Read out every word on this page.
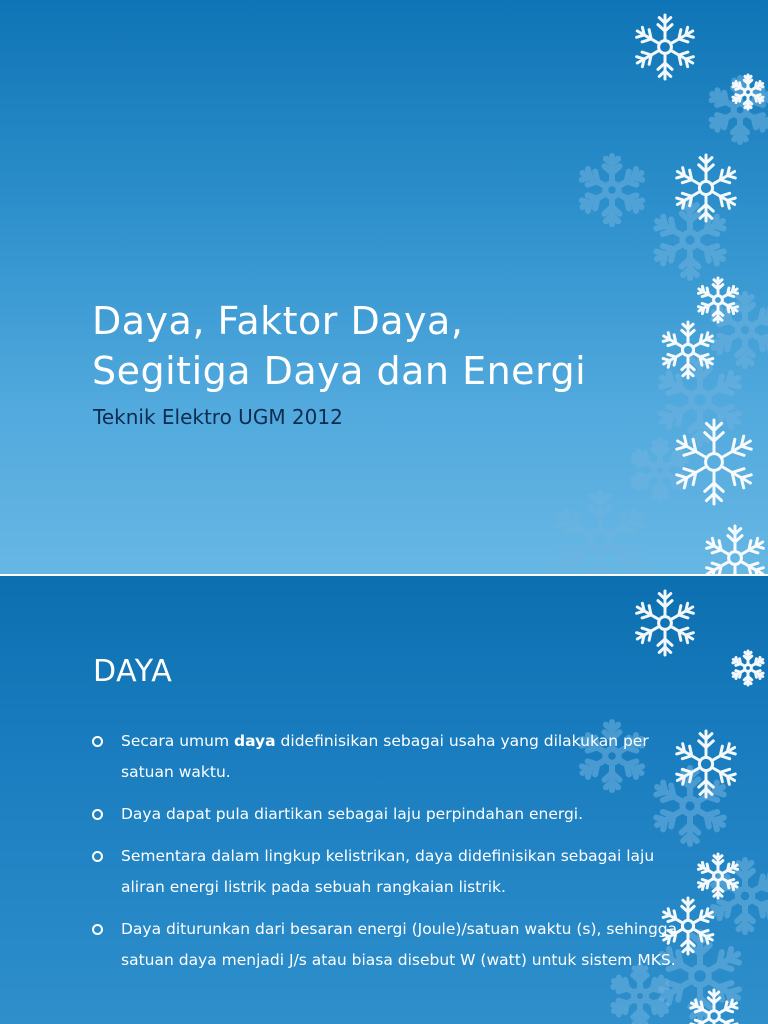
Daya, Faktor Daya,
Segitiga Daya dan Energi

Teknik Elektro UGM 2012

DAYA
Secara umum daya didefinisikan sebagai usaha yang dilakukan per satuan waktu.
Daya dapat pula diartikan sebagai laju perpindahan energi.
Sementara dalam lingkup kelistrikan, daya didefinisikan sebagai laju aliran energi listrik pada sebuah rangkaian listrik.
Daya diturunkan dari besaran energi (Joule)/satuan waktu (s), sehingga satuan daya menjadi J/s atau biasa disebut W (watt) untuk sistem MKS.
